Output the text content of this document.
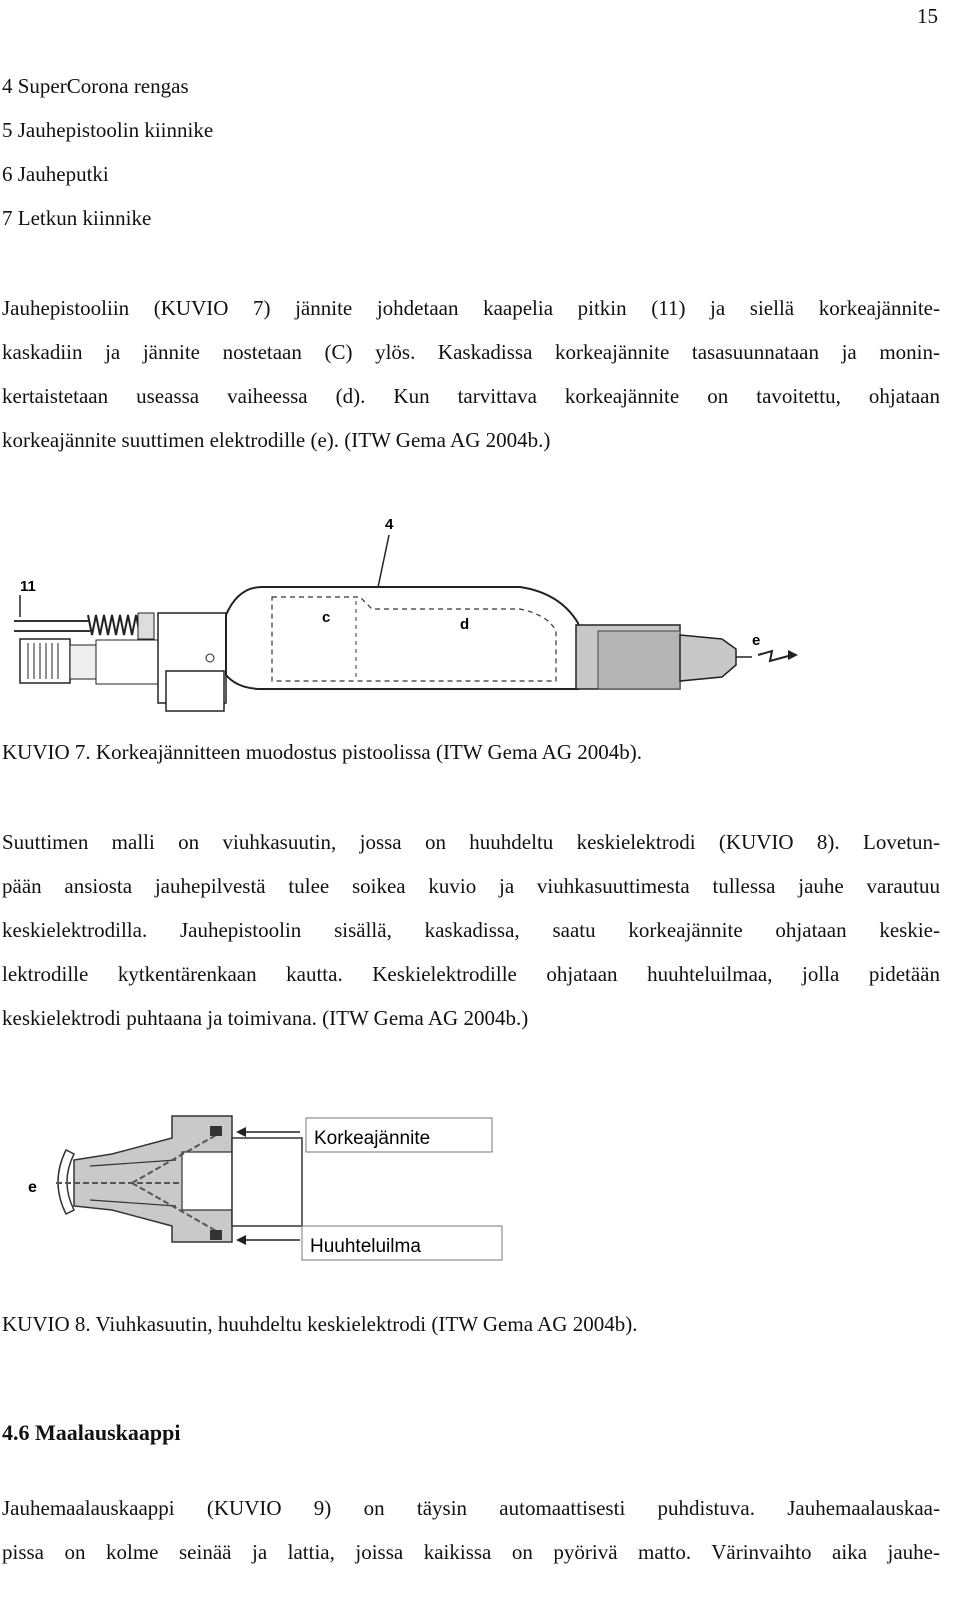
15
4 SuperCorona rengas
5 Jauhepistoolin kiinnike
6 Jauheputki
7 Letkun kiinnike
Jauhepistooliin (KUVIO 7) jännite johdetaan kaapelia pitkin (11) ja siellä korkeajännite-
kaskadiin ja jännite nostetaan (C) ylös. Kaskadissa korkeajännite tasasuunnataan ja monin-
kertaistetaan useassa vaiheessa (d). Kun tarvittava korkeajännite on tavoitettu, ohjataan
korkeajännite suuttimen elektrodille (e). (ITW Gema AG 2004b.)
4
11
c	d
e
KUVIO 7. Korkeajännitteen muodostus pistoolissa (ITW Gema AG 2004b).
Suuttimen malli on viuhkasuutin, jossa on huuhdeltu keskielektrodi (KUVIO 8). Lovetun-
pään ansiosta jauhepilvestä tulee soikea kuvio ja viuhkasuuttimesta tullessa jauhe varautuu
keskielektrodilla. Jauhepistoolin sisällä, kaskadissa, saatu korkeajännite ohjataan keskie-
lektrodille kytkentärenkaan kautta. Keskielektrodille ohjataan huuhteluilmaa, jolla pidetään
keskielektrodi puhtaana ja toimivana. (ITW Gema AG 2004b.)
e
Korkeajännite
Huuhteluilma
KUVIO 8. Viuhkasuutin, huuhdeltu keskielektrodi (ITW Gema AG 2004b).
4.6 Maalauskaappi
Jauhemaalauskaappi (KUVIO 9) on täysin automaattisesti puhdistuva. Jauhemaalauskaa-
pissa on kolme seinää ja lattia, joissa kaikissa on pyörivä matto. Värinvaihto aika jauhe-
